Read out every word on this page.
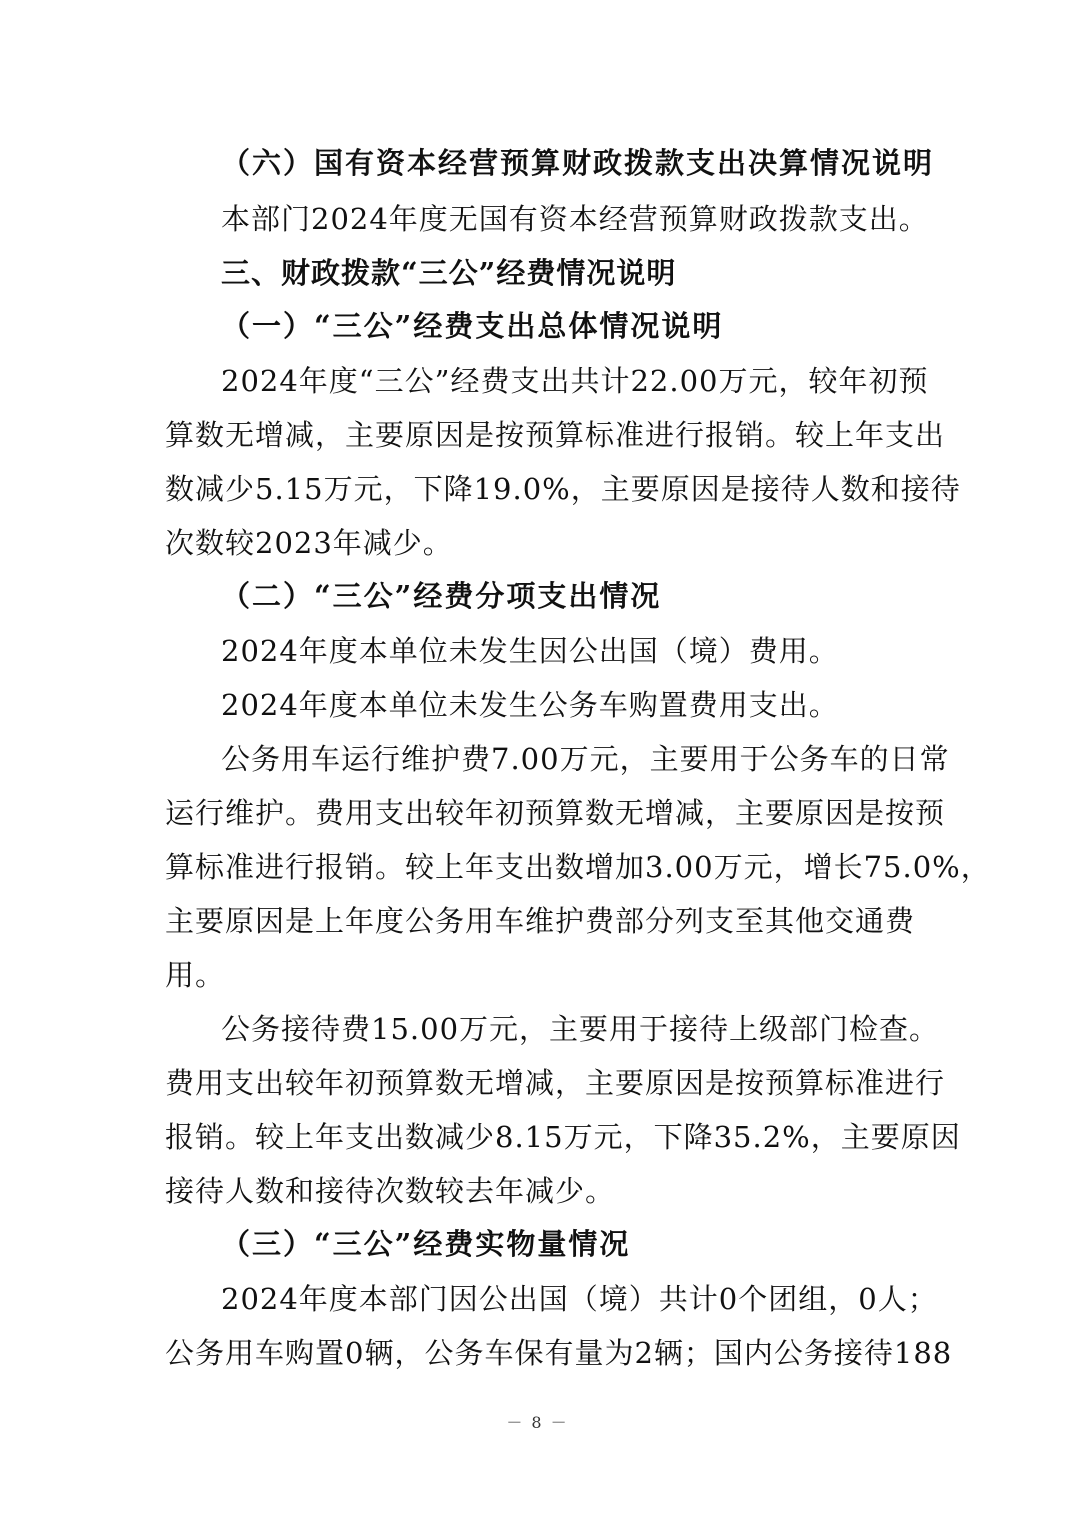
（六）国有资本经营预算财政拨款支出决算情况说明
本部门2024年度无国有资本经营预算财政拨款支出。
三、财政拨款“三公”经费情况说明
（一）“三公”经费支出总体情况说明
2024年度“三公”经费支出共计22.00万元，较年初预
算数无增减，主要原因是按预算标准进行报销。较上年支出
数减少5.15万元，下降19.0%，主要原因是接待人数和接待
次数较2023年减少。
（二）“三公”经费分项支出情况
2024年度本单位未发生因公出国（境）费用。
2024年度本单位未发生公务车购置费用支出。
公务用车运行维护费7.00万元，主要用于公务车的日常
运行维护。费用支出较年初预算数无增减，主要原因是按预
算标准进行报销。较上年支出数增加3.00万元，增长75.0%，
主要原因是上年度公务用车维护费部分列支至其他交通费
用。
公务接待费15.00万元，主要用于接待上级部门检查。
费用支出较年初预算数无增减，主要原因是按预算标准进行
报销。较上年支出数减少8.15万元，下降35.2%，主要原因
接待人数和接待次数较去年减少。
（三）“三公”经费实物量情况
2024年度本部门因公出国（境）共计0个团组，0人；
公务用车购置0辆，公务车保有量为2辆；国内公务接待188
－ 8 －
